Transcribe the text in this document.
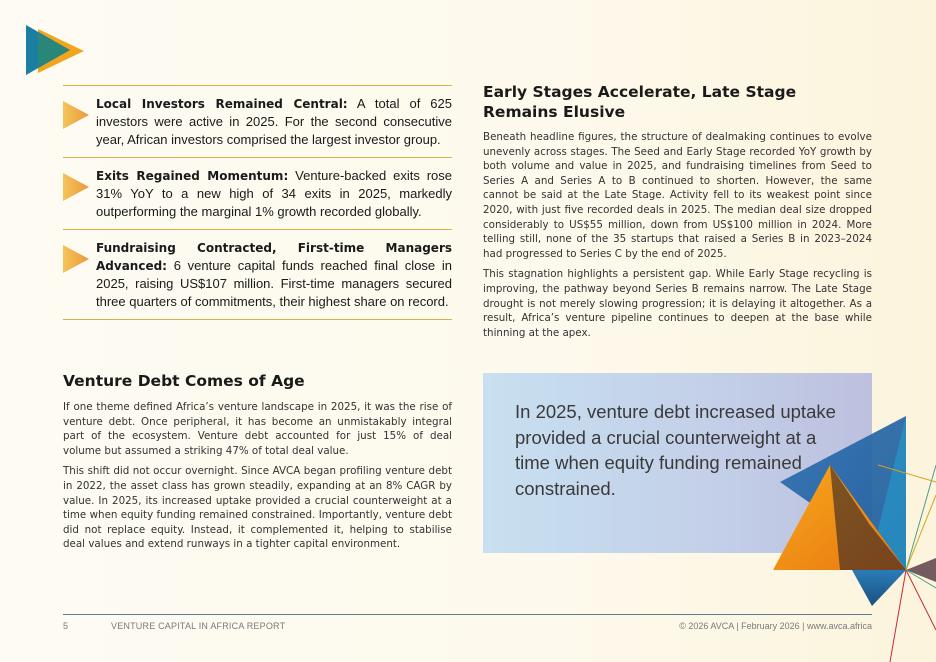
Local Investors Remained Central: A total of 625 investors were active in 2025. For the second consecutive year, African investors comprised the largest investor group.

Exits Regained Momentum: Venture-backed exits rose 31% YoY to a new high of 34 exits in 2025, markedly outperforming the marginal 1% growth recorded globally.

Fundraising Contracted, First-time Managers Advanced: 6 venture capital funds reached final close in 2025, raising US$107 million. First-time managers secured three quarters of commitments, their highest share on record.

Early Stages Accelerate, Late Stage Remains Elusive

Beneath headline figures, the structure of dealmaking continues to evolve unevenly across stages. The Seed and Early Stage recorded YoY growth by both volume and value in 2025, and fundraising timelines from Seed to Series A and Series A to B continued to shorten. However, the same cannot be said at the Late Stage. Activity fell to its weakest point since 2020, with just five recorded deals in 2025. The median deal size dropped considerably to US$55 million, down from US$100 million in 2024. More telling still, none of the 35 startups that raised a Series B in 2023–2024 had progressed to Series C by the end of 2025.

This stagnation highlights a persistent gap. While Early Stage recycling is improving, the pathway beyond Series B remains narrow. The Late Stage drought is not merely slowing progression; it is delaying it altogether. As a result, Africa’s venture pipeline continues to deepen at the base while thinning at the apex.

Venture Debt Comes of Age

If one theme defined Africa’s venture landscape in 2025, it was the rise of venture debt. Once peripheral, it has become an unmistakably integral part of the ecosystem. Venture debt accounted for just 15% of deal volume but assumed a striking 47% of total deal value.

This shift did not occur overnight. Since AVCA began profiling venture debt in 2022, the asset class has grown steadily, expanding at an 8% CAGR by value. In 2025, its increased uptake provided a crucial counterweight at a time when equity funding remained constrained. Importantly, venture debt did not replace equity. Instead, it complemented it, helping to stabilise deal values and extend runways in a tighter capital environment.

In 2025, venture debt increased uptake provided a crucial counterweight at a time when equity funding remained constrained.

5	VENTURE CAPITAL IN AFRICA REPORT	© 2026 AVCA | February 2026 | www.avca.africa
